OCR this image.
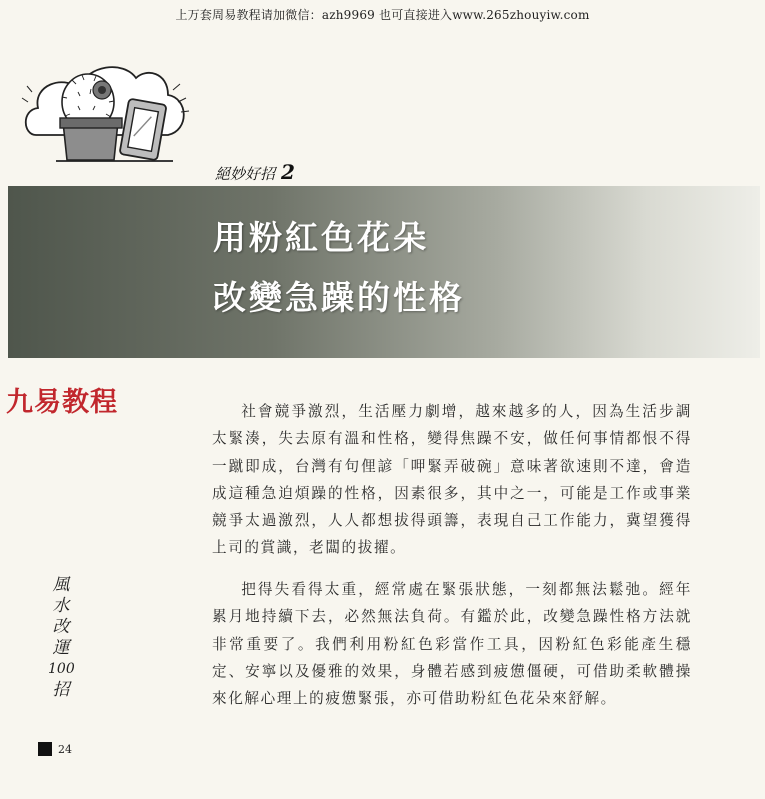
上万套周易教程请加微信：azh9969 也可直接进入www.265zhouyiw.com
絕妙好招 2
用粉紅色花朵
改變急躁的性格
九易教程
風
水
改
運
100
招

社會競爭激烈，生活壓力劇增，越來越多的人，因為生活步調太緊湊，失去原有溫和性格，變得焦躁不安，做任何事情都恨不得一蹴即成，台灣有句俚諺「呷緊弄破碗」意味著欲速則不達，會造成這種急迫煩躁的性格，因素很多，其中之一，可能是工作或事業競爭太過激烈，人人都想拔得頭籌，表現自己工作能力，冀望獲得上司的賞識，老闆的拔擢。

把得失看得太重，經常處在緊張狀態，一刻都無法鬆弛。經年累月地持續下去，必然無法負荷。有鑑於此，改變急躁性格方法就非常重要了。我們利用粉紅色彩當作工具，因粉紅色彩能產生穩定、安寧以及優雅的效果，身體若感到疲憊僵硬，可借助柔軟體操來化解心理上的疲憊緊張，亦可借助粉紅色花朵來舒解。

24
